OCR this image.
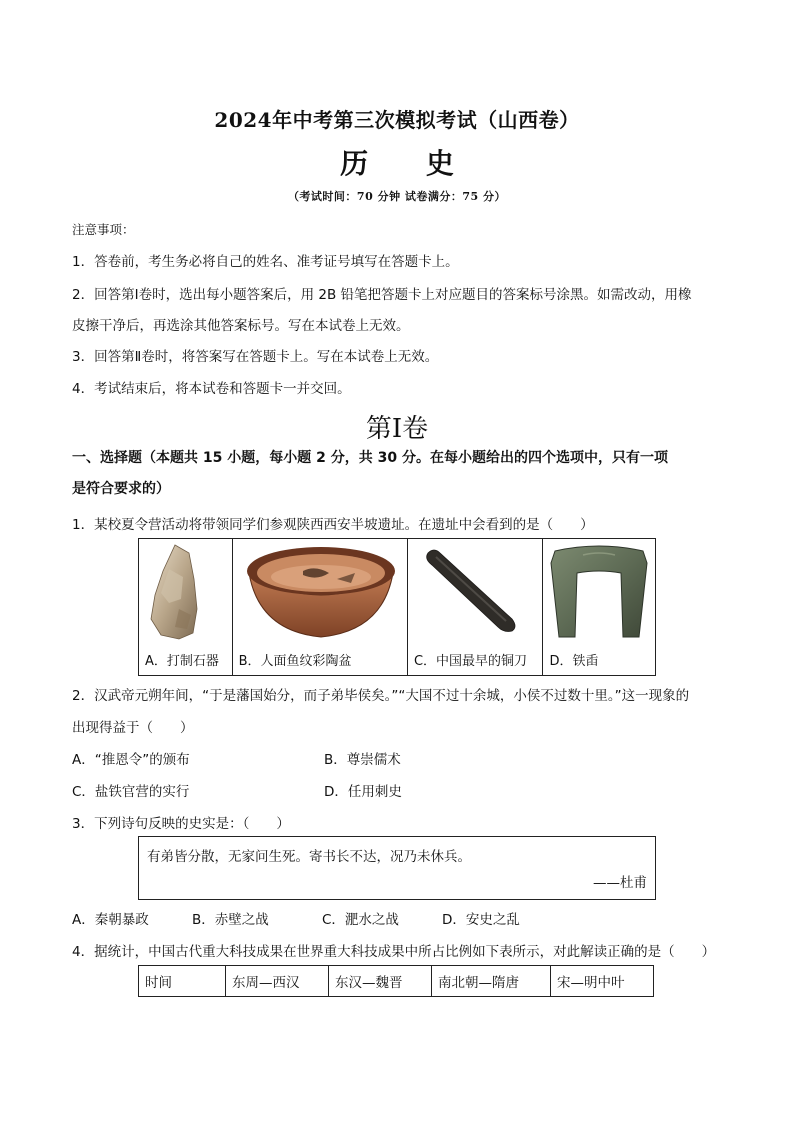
2024年中考第三次模拟考试（山西卷）
历 史
（考试时间：70 分钟 试卷满分：75 分）
注意事项：
1．答卷前，考生务必将自己的姓名、准考证号填写在答题卡上。
2．回答第Ⅰ卷时，选出每小题答案后，用 2B 铅笔把答题卡上对应题目的答案标号涂黑。如需改动，用橡
皮擦干净后，再选涂其他答案标号。写在本试卷上无效。
3．回答第Ⅱ卷时，将答案写在答题卡上。写在本试卷上无效。
4．考试结束后，将本试卷和答题卡一并交回。
第Ⅰ卷
一、选择题（本题共 15 小题，每小题 2 分，共 30 分。在每小题给出的四个选项中，只有一项
是符合要求的）
1．某校夏令营活动将带领同学们参观陕西西安半坡遗址。在遗址中会看到的是（　　）
A．打制石器 B．人面鱼纹彩陶盆	C．中国最早的铜刀 D．铁臿
2．汉武帝元朔年间，“于是藩国始分，而子弟毕侯矣。”“大国不过十余城，小侯不过数十里。”这一现象的
出现得益于（　　）
A．“推恩令”的颁布	B．尊崇儒术
C．盐铁官营的实行	D．任用刺史
3．下列诗句反映的史实是：（　　）
有弟皆分散，无家问生死。寄书长不达，况乃未休兵。
——杜甫
A．秦朝暴政	B．赤壁之战	C．淝水之战	D．安史之乱
4．据统计，中国古代重大科技成果在世界重大科技成果中所占比例如下表所示，对此解读正确的是（　　）
时间	东周—西汉	东汉—魏晋	南北朝—隋唐	宋—明中叶
